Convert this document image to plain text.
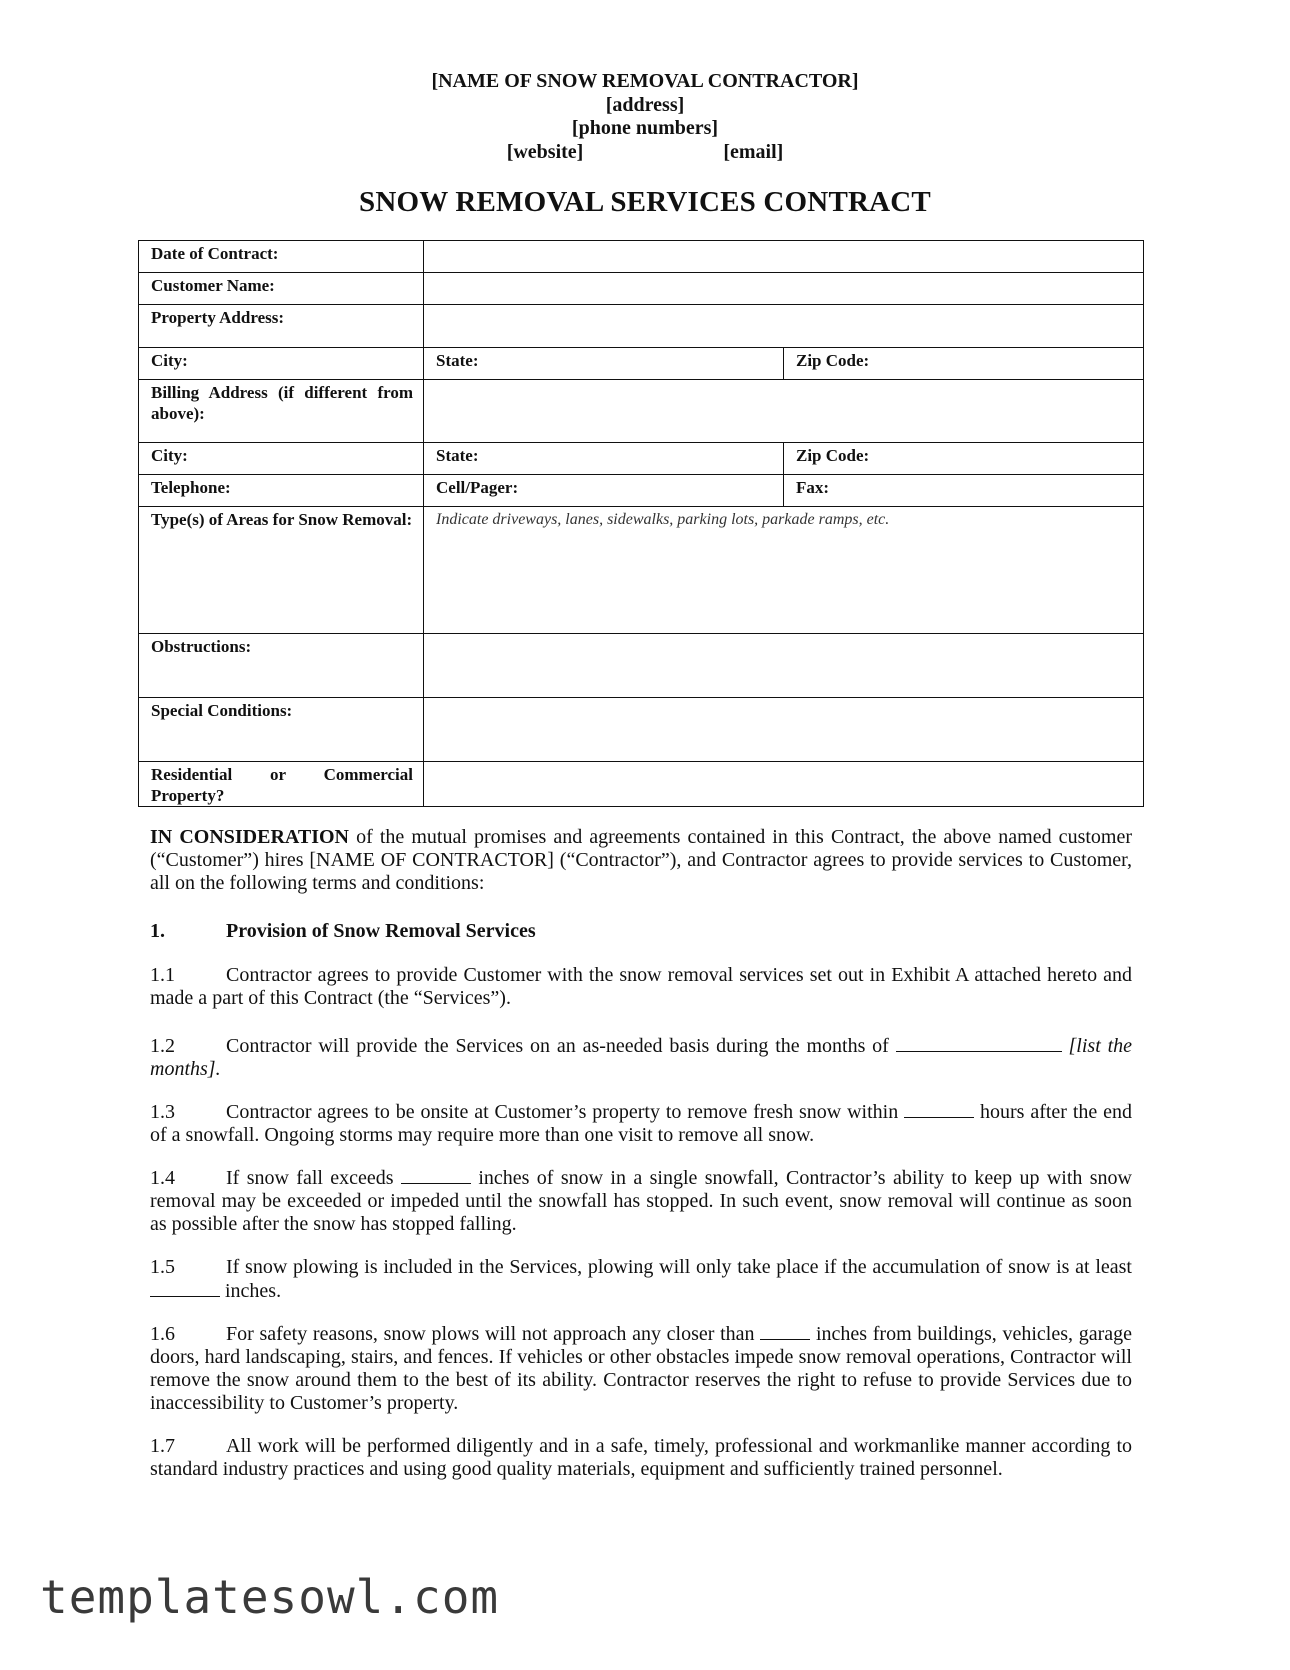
[NAME OF SNOW REMOVAL CONTRACTOR]
[address]
[phone numbers]
[website]	[email]
SNOW REMOVAL SERVICES CONTRACT
Date of Contract:		
Customer Name:		
Property Address:		
City:	State:	Zip Code:
Billing Address (if different from above):		
City:	State:	Zip Code:
Telephone:	Cell/Pager:	Fax:
Type(s) of Areas for Snow Removal:	Indicate driveways, lanes, sidewalks, parking lots, parkade ramps, etc.	
Obstructions:		
Special Conditions:		
Residential or Commercial Property?		
IN CONSIDERATION of the mutual promises and agreements contained in this Contract, the above named customer (“Customer”) hires [NAME OF CONTRACTOR] (“Contractor”), and Contractor agrees to provide services to Customer, all on the following terms and conditions:
1.	Provision of Snow Removal Services
1.1	Contractor agrees to provide Customer with the snow removal services set out in Exhibit A attached hereto and made a part of this Contract (the “Services”).
1.2	Contractor will provide the Services on an as-needed basis during the months of	[list the months].
1.3	Contractor agrees to be onsite at Customer’s property to remove fresh snow within	hours after the end of a snowfall. Ongoing storms may require more than one visit to remove all snow.
1.4	If snow fall exceeds	inches of snow in a single snowfall, Contractor’s ability to keep up with snow removal may be exceeded or impeded until the snowfall has stopped. In such event, snow removal will continue as soon as possible after the snow has stopped falling.
1.5	If snow plowing is included in the Services, plowing will only take place if the accumulation of snow is at least  inches.
1.6	For safety reasons, snow plows will not approach any closer than	inches from buildings, vehicles, garage doors, hard landscaping, stairs, and fences. If vehicles or other obstacles impede snow removal operations, Contractor will remove the snow around them to the best of its ability. Contractor reserves the right to refuse to provide Services due to inaccessibility to Customer’s property.
1.7	All work will be performed diligently and in a safe, timely, professional and workmanlike manner according to standard industry practices and using good quality materials, equipment and sufficiently trained personnel.
templatesowl.com
